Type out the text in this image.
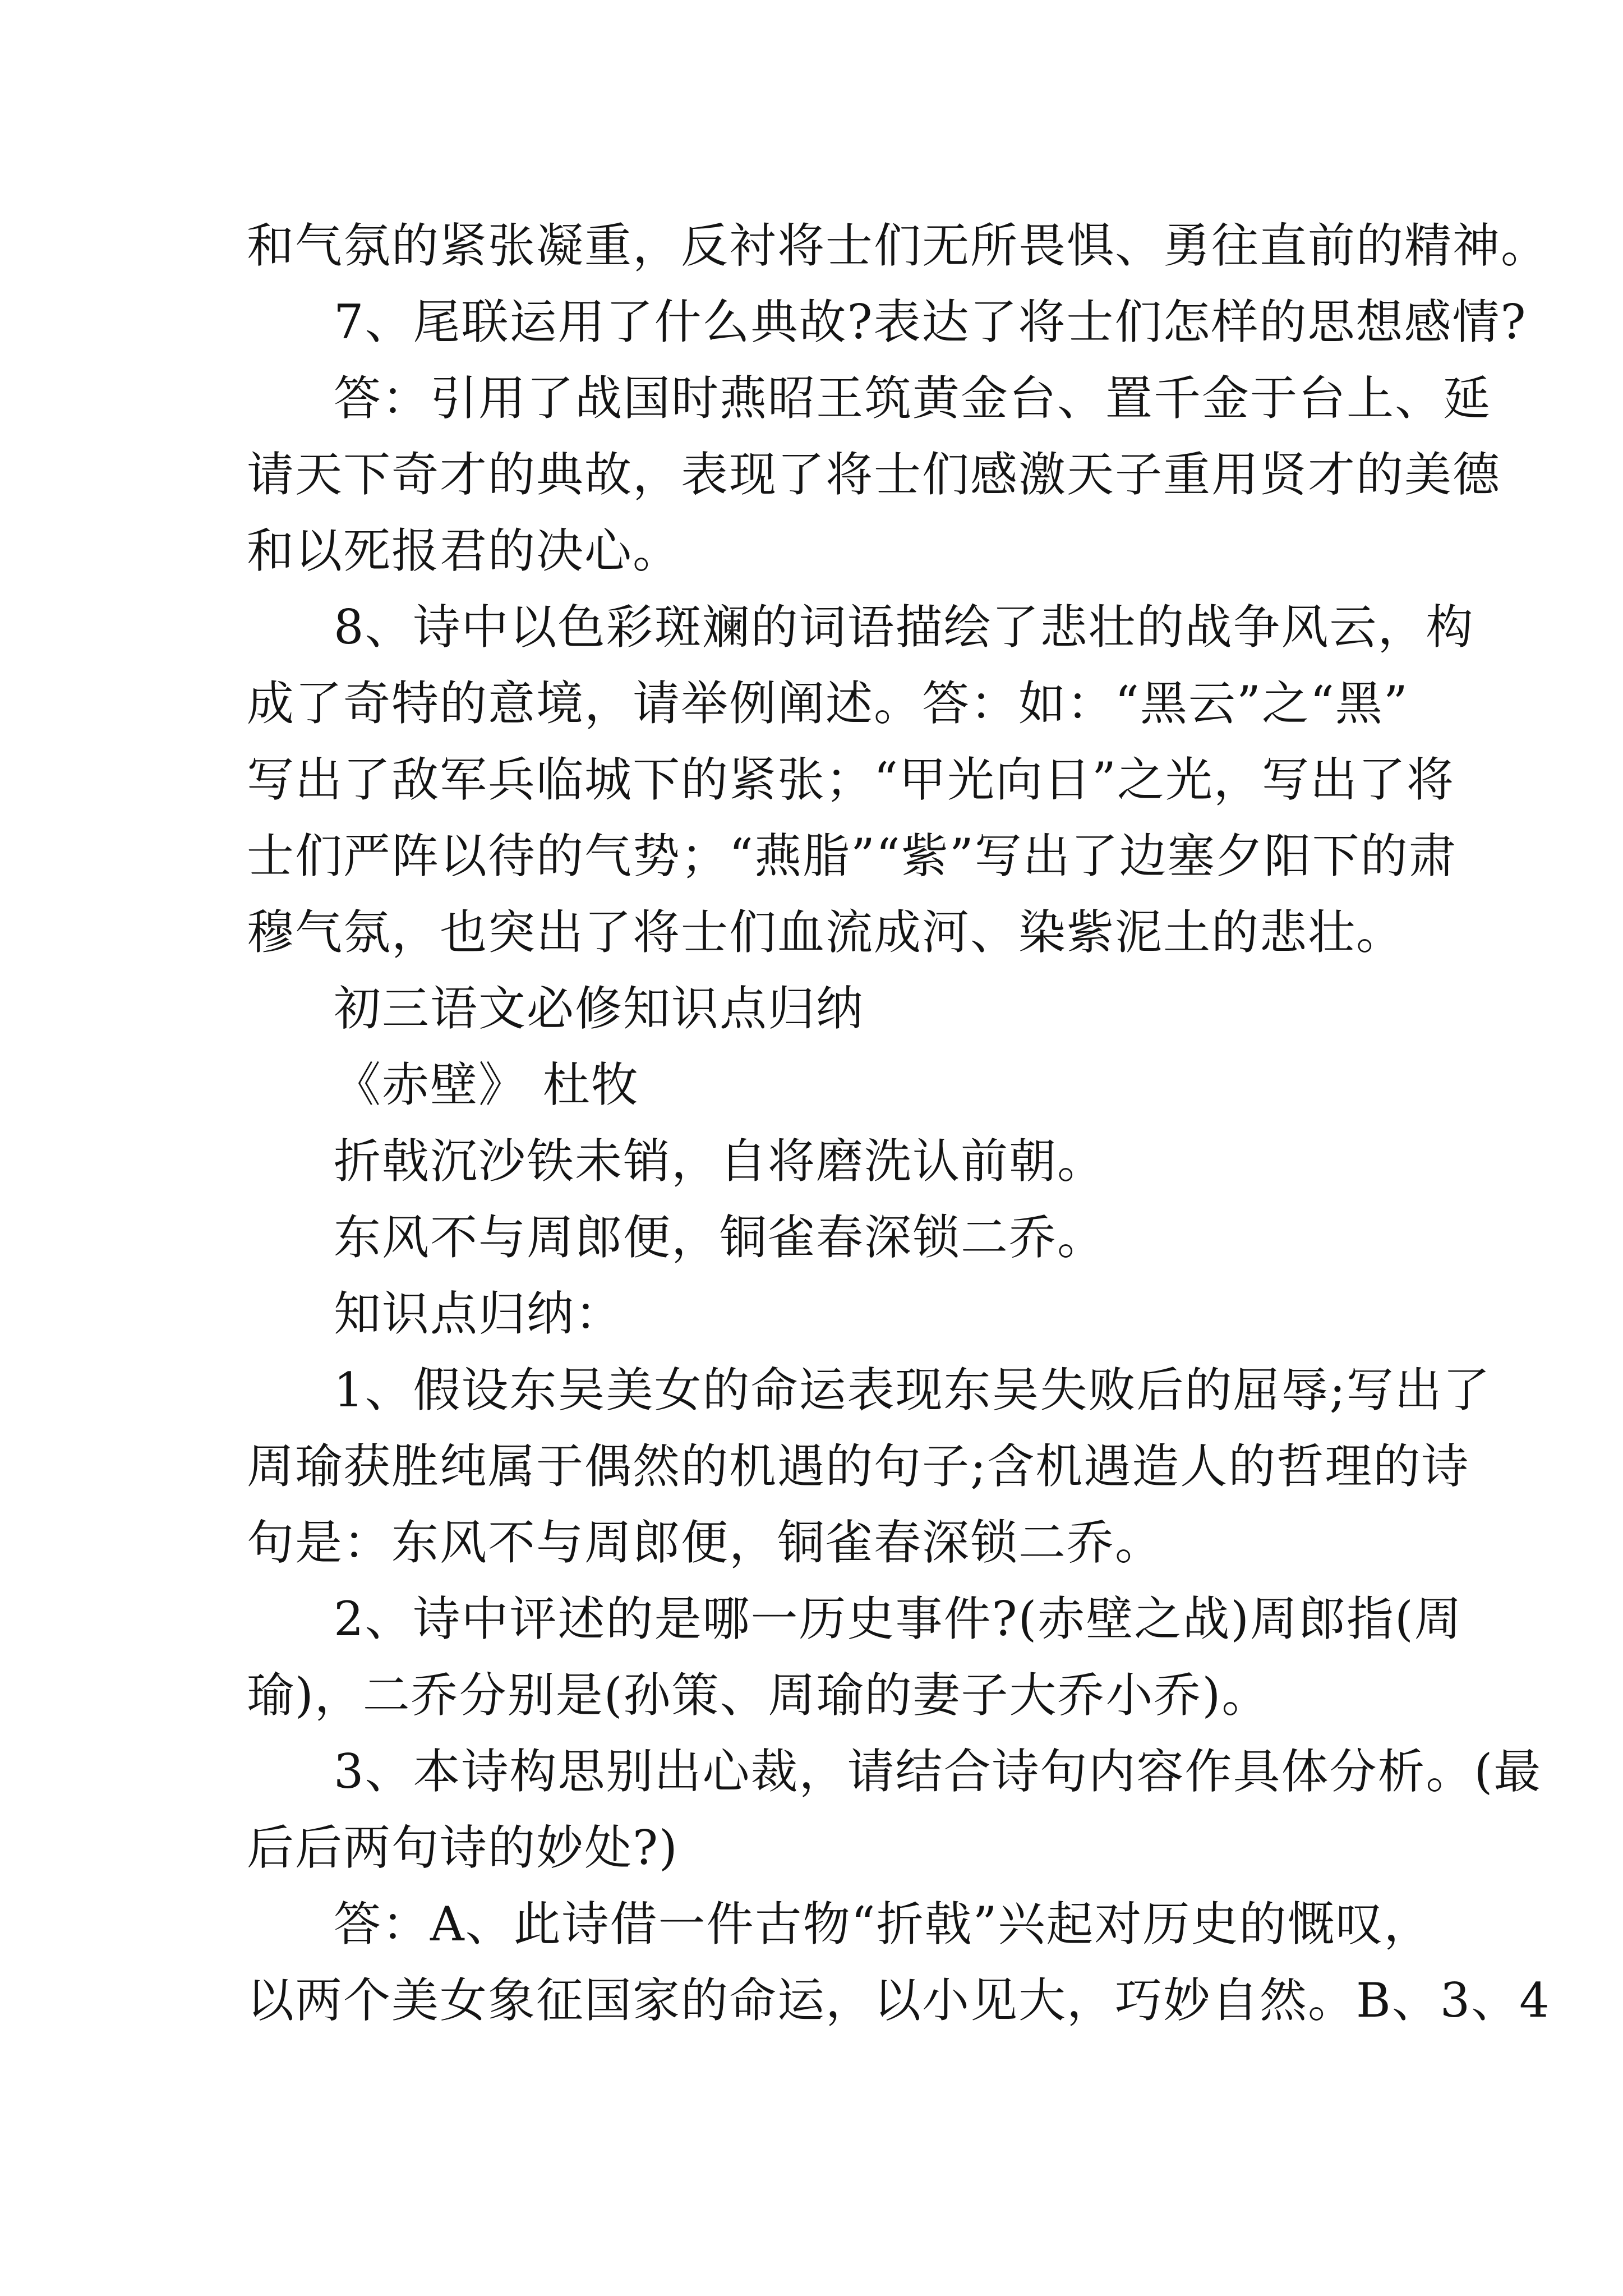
和气氛的紧张凝重，反衬将士们无所畏惧、勇往直前的精神。
7、尾联运用了什么典故?表达了将士们怎样的思想感情?
答：引用了战国时燕昭王筑黄金台、置千金于台上、延
请天下奇才的典故，表现了将士们感激天子重用贤才的美德
和以死报君的决心。
8、诗中以色彩斑斓的词语描绘了悲壮的战争风云，构
成了奇特的意境，请举例阐述。答：如：“黑云”之“黑”
写出了敌军兵临城下的紧张；“甲光向日”之光，写出了将
士们严阵以待的气势；“燕脂”“紫”写出了边塞夕阳下的肃
穆气氛，也突出了将士们血流成河、染紫泥土的悲壮。
初三语文必修知识点归纳
《赤壁》 杜牧
折戟沉沙铁未销，自将磨洗认前朝。
东风不与周郎便，铜雀春深锁二乔。
知识点归纳：
1、假设东吴美女的命运表现东吴失败后的屈辱;写出了
周瑜获胜纯属于偶然的机遇的句子;含机遇造人的哲理的诗
句是：东风不与周郎便，铜雀春深锁二乔。
2、诗中评述的是哪一历史事件?(赤壁之战)周郎指(周
瑜)，二乔分别是(孙策、周瑜的妻子大乔小乔)。
3、本诗构思别出心裁，请结合诗句内容作具体分析。(最
后后两句诗的妙处?)
答：A、此诗借一件古物“折戟”兴起对历史的慨叹，
以两个美女象征国家的命运，以小见大，巧妙自然。B、3、4
